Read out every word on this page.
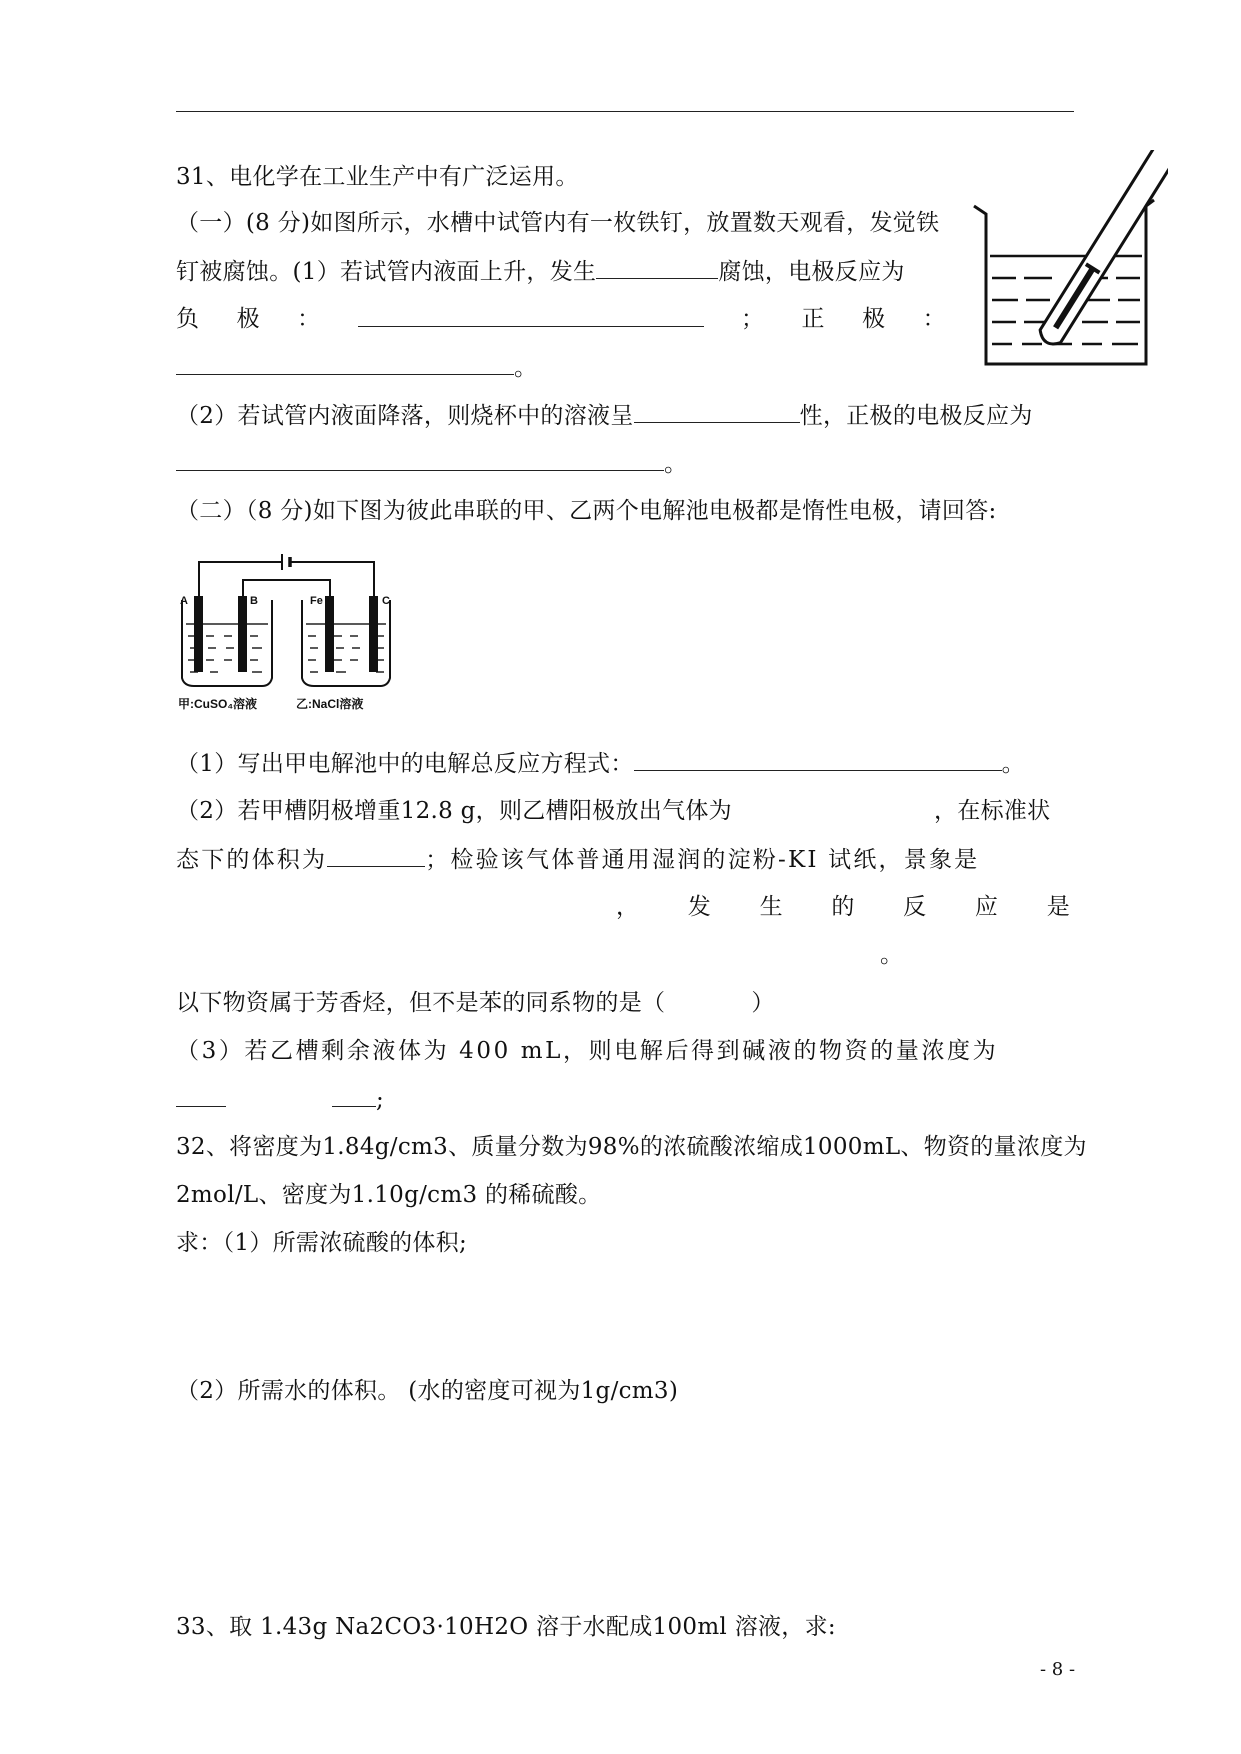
31、电化学在工业生产中有广泛运用。
（一）(8 分)如图所示，水槽中试管内有一枚铁钉，放置数天观看，发觉铁
钉被腐蚀。(1）若试管内液面上升，发生	腐蚀，电极反应为
负 极 ：	； 正 极 ：
。
（2）若试管内液面降落，则烧杯中的溶液呈	性，正极的电极反应为
。
（二）（8 分)如下图为彼此串联的甲、乙两个电解池电极都是惰性电极，请回答:
A	B	Fe	C
甲:CuSO₄溶液	乙:NaCl溶液
（1）写出甲电解池中的电解总反应方程式：	。
（2）若甲槽阴极增重12.8 g，则乙槽阳极放出气体为	，在标准状
态下的体积为	；检验该气体普通用湿润的淀粉-KI 试纸，景象是
， 发 生 的 反 应 是
。
以下物资属于芳香烃，但不是苯的同系物的是（	）
（3）若乙槽剩余液体为 400 mL，则电解后得到碱液的物资的量浓度为
;
32、将密度为1.84g/cm3、质量分数为98%的浓硫酸浓缩成1000mL、物资的量浓度为
2mol/L、密度为1.10g/cm3 的稀硫酸。
求：（1）所需浓硫酸的体积;
（2）所需水的体积。 (水的密度可视为1g/cm3)
33、取 1.43g Na2CO3·10H2O 溶于水配成100ml 溶液，求:
- 8 -
